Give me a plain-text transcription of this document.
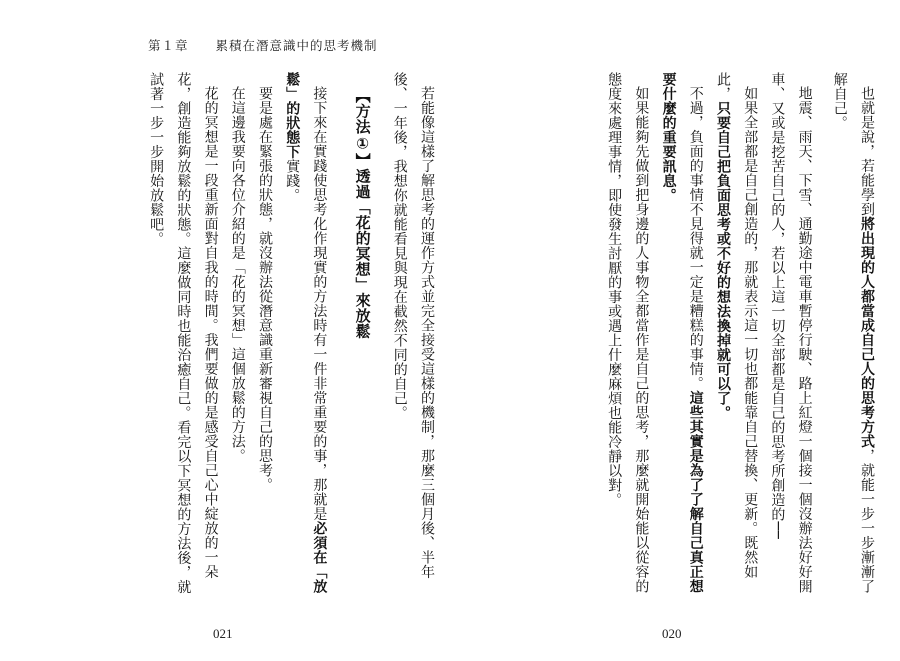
第１章 累積在潛意識中的思考機制

若能像這樣了解思考的運作方式並完全接受這樣的機制，那麼三個月後、半年後、一年後，我想你就能看見與現在截然不同的自己。

【方法①】透過「花的冥想」來放鬆

接下來在實踐使思考化作現實的方法時有一件非常重要的事，那就是必須在「放鬆」的狀態下實踐。

要是處在緊張的狀態，就沒辦法從潛意識重新審視自己的思考。

在這邊我要向各位介紹的是「花的冥想」這個放鬆的方法。

花的冥想是一段重新面對自我的時間。我們要做的是感受自己心中綻放的一朵花，創造能夠放鬆的狀態。這麼做同時也能治癒自己。看完以下冥想的方法後，就試著一步一步開始放鬆吧。

021

也就是說，若能學到將出現的人都當成自己人的思考方式，就能一步一步漸漸了解自己。

地震、雨天、下雪、通勤途中電車暫停行駛、路上紅燈一個接一個沒辦法好好開車、又或是挖苦自己的人，若以上這一切全部都是自己的思考所創造的──

如果全部都是自己創造的，那就表示這一切也都能靠自己替換、更新。既然如此，只要自己把負面思考或不好的想法換掉就可以了。

不過，負面的事情不見得就一定是糟糕的事情。這些其實是為了了解自己真正想要什麼的重要訊息。

如果能夠先做到把身邊的人事物全都當作是自己的思考，那麼就開始能以從容的態度來處理事情，即使發生討厭的事或遇上什麼麻煩也能冷靜以對。

020
